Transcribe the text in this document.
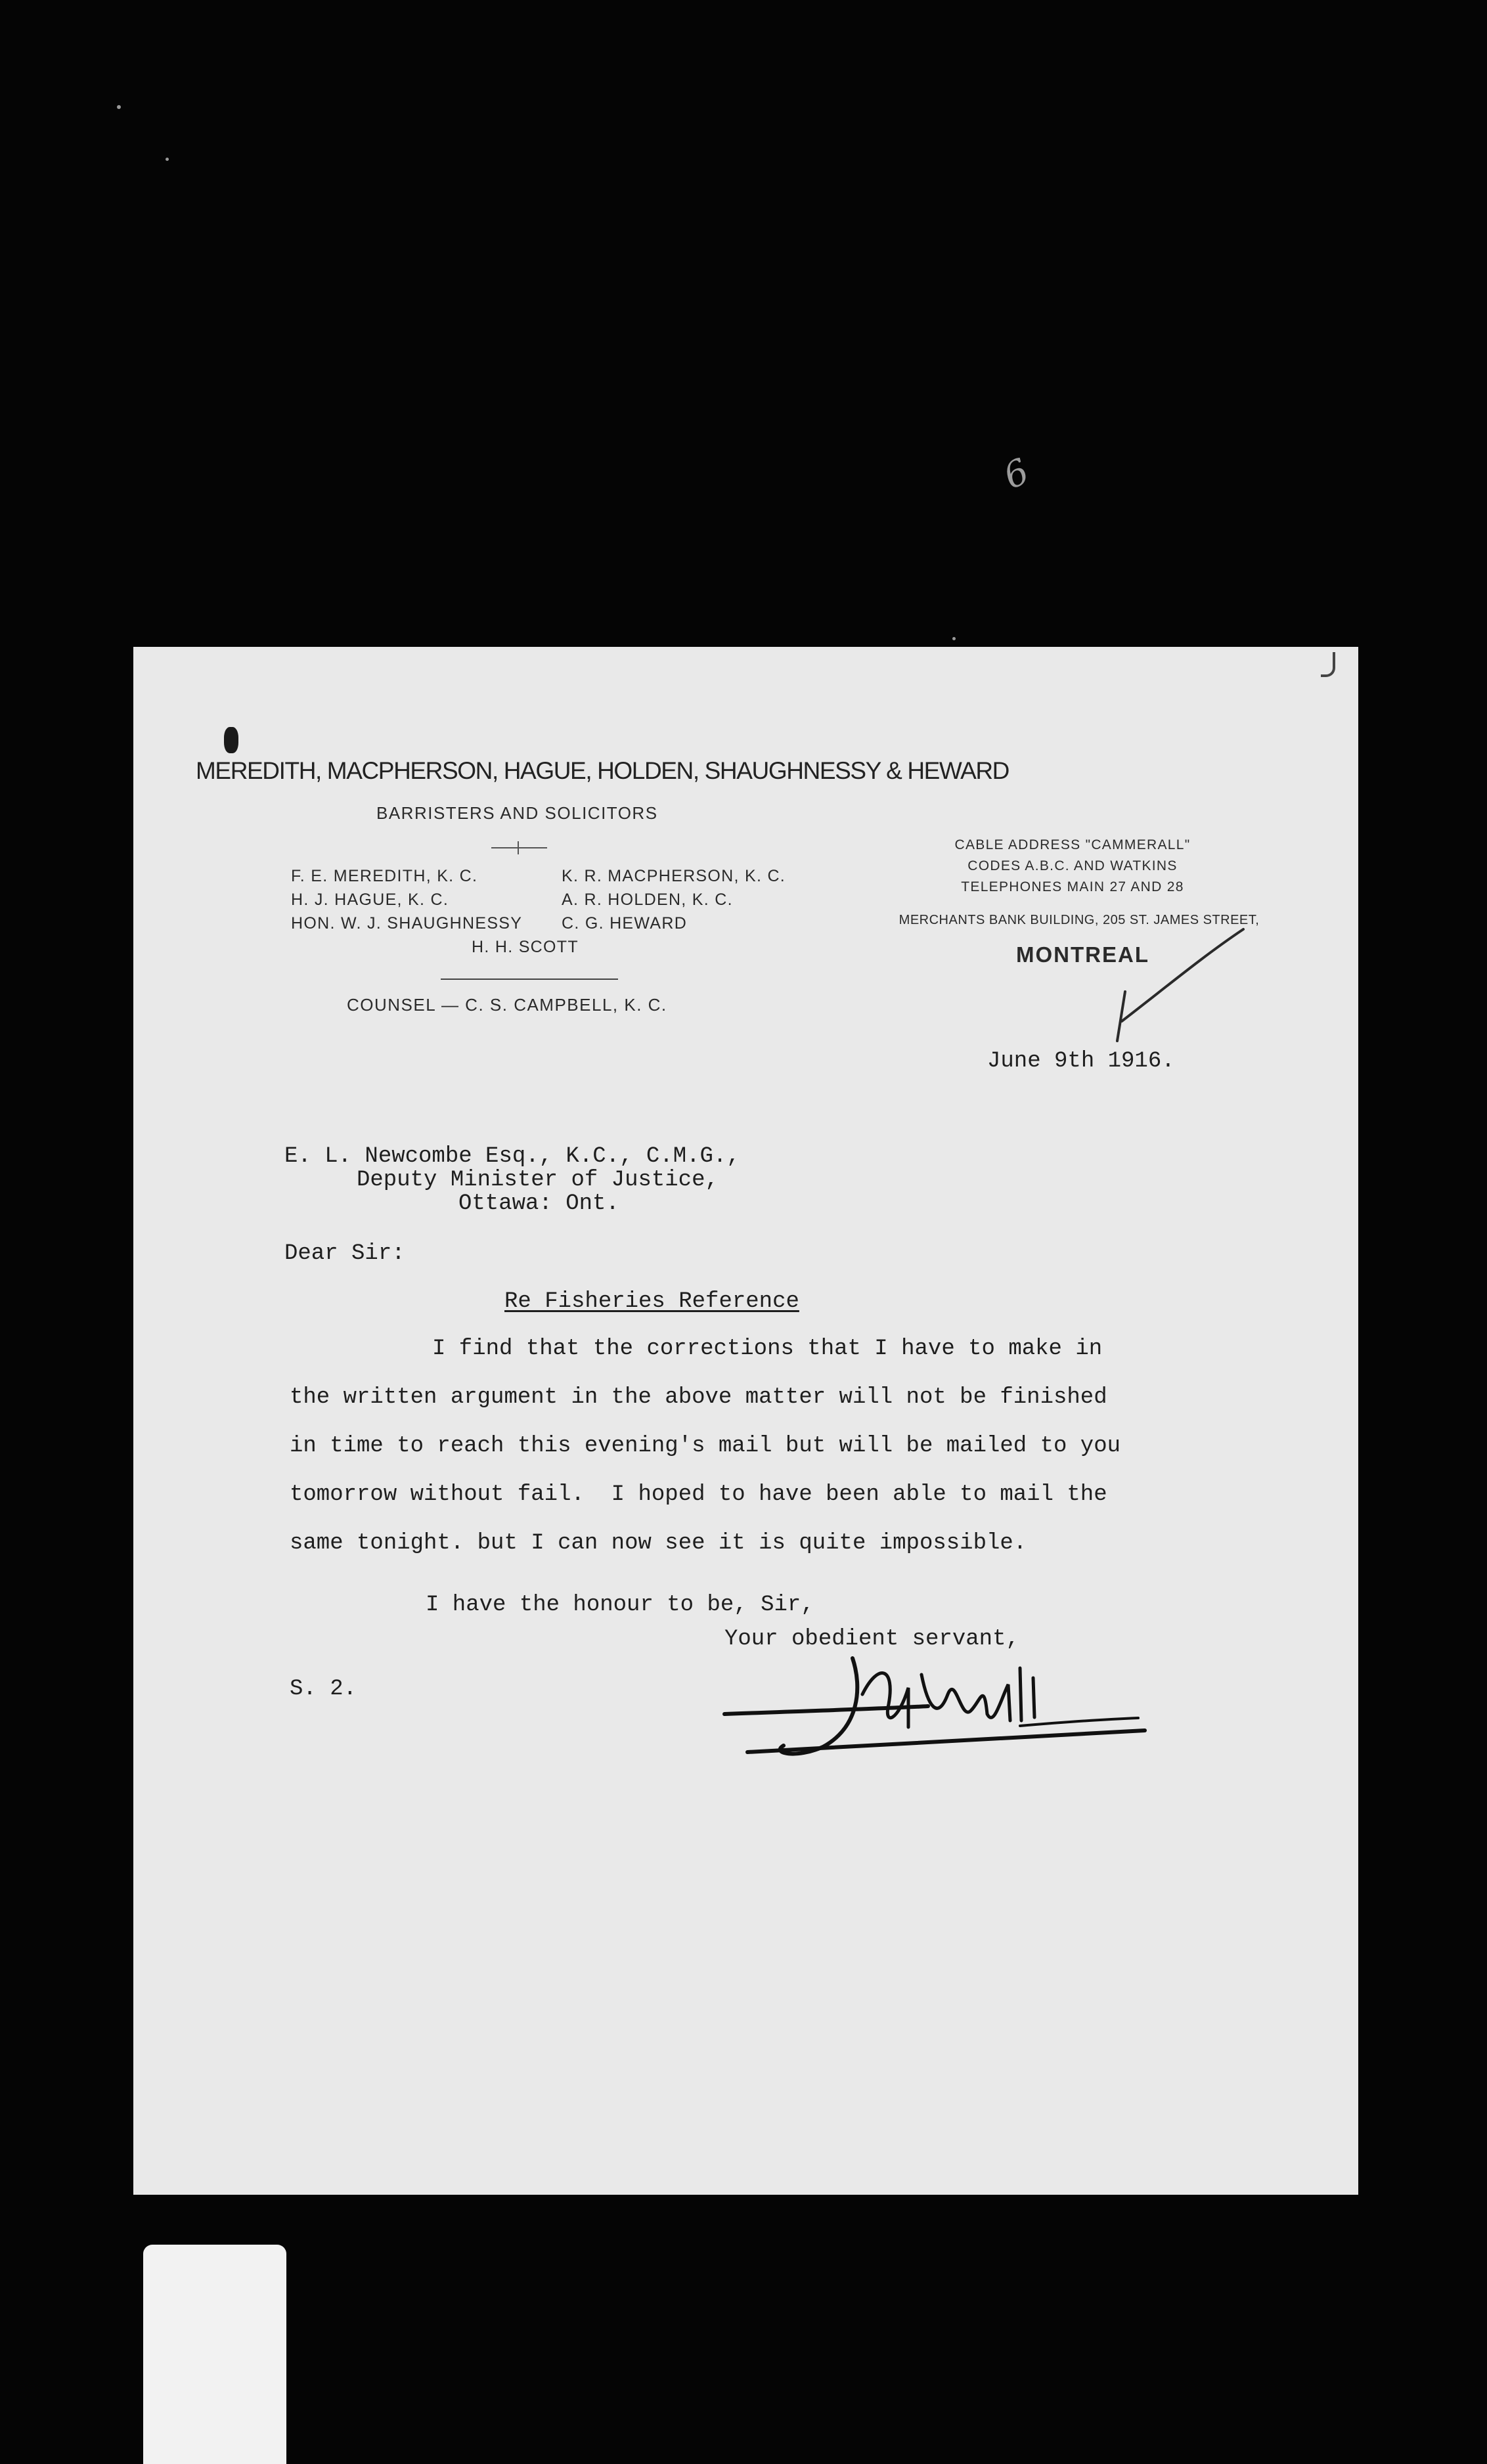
6
MEREDITH, MACPHERSON, HAGUE, HOLDEN, SHAUGHNESSY & HEWARD
BARRISTERS AND SOLICITORS
F. E. MEREDITH, K. C.
H. J. HAGUE, K. C.
HON. W. J. SHAUGHNESSY
K. R. MACPHERSON, K. C.
A. R. HOLDEN, K. C.
C. G. HEWARD
H. H. SCOTT
COUNSEL — C. S. CAMPBELL, K. C.
CABLE ADDRESS "CAMMERALL"
CODES A.B.C. AND WATKINS
TELEPHONES MAIN 27 AND 28
MERCHANTS BANK BUILDING, 205 ST. JAMES STREET,
MONTREAL
June 9th 1916.
E. L. Newcombe Esq., K.C., C.M.G.,
Deputy Minister of Justice,
Ottawa: Ont.
Dear Sir:
Re Fisheries Reference
I find that the corrections that I have to make in
the written argument in the above matter will not be finished
in time to reach this evening's mail but will be mailed to you
tomorrow without fail.  I hoped to have been able to mail the
same tonight. but I can now see it is quite impossible.
I have the honour to be, Sir,
Your obedient servant,
S. 2.
